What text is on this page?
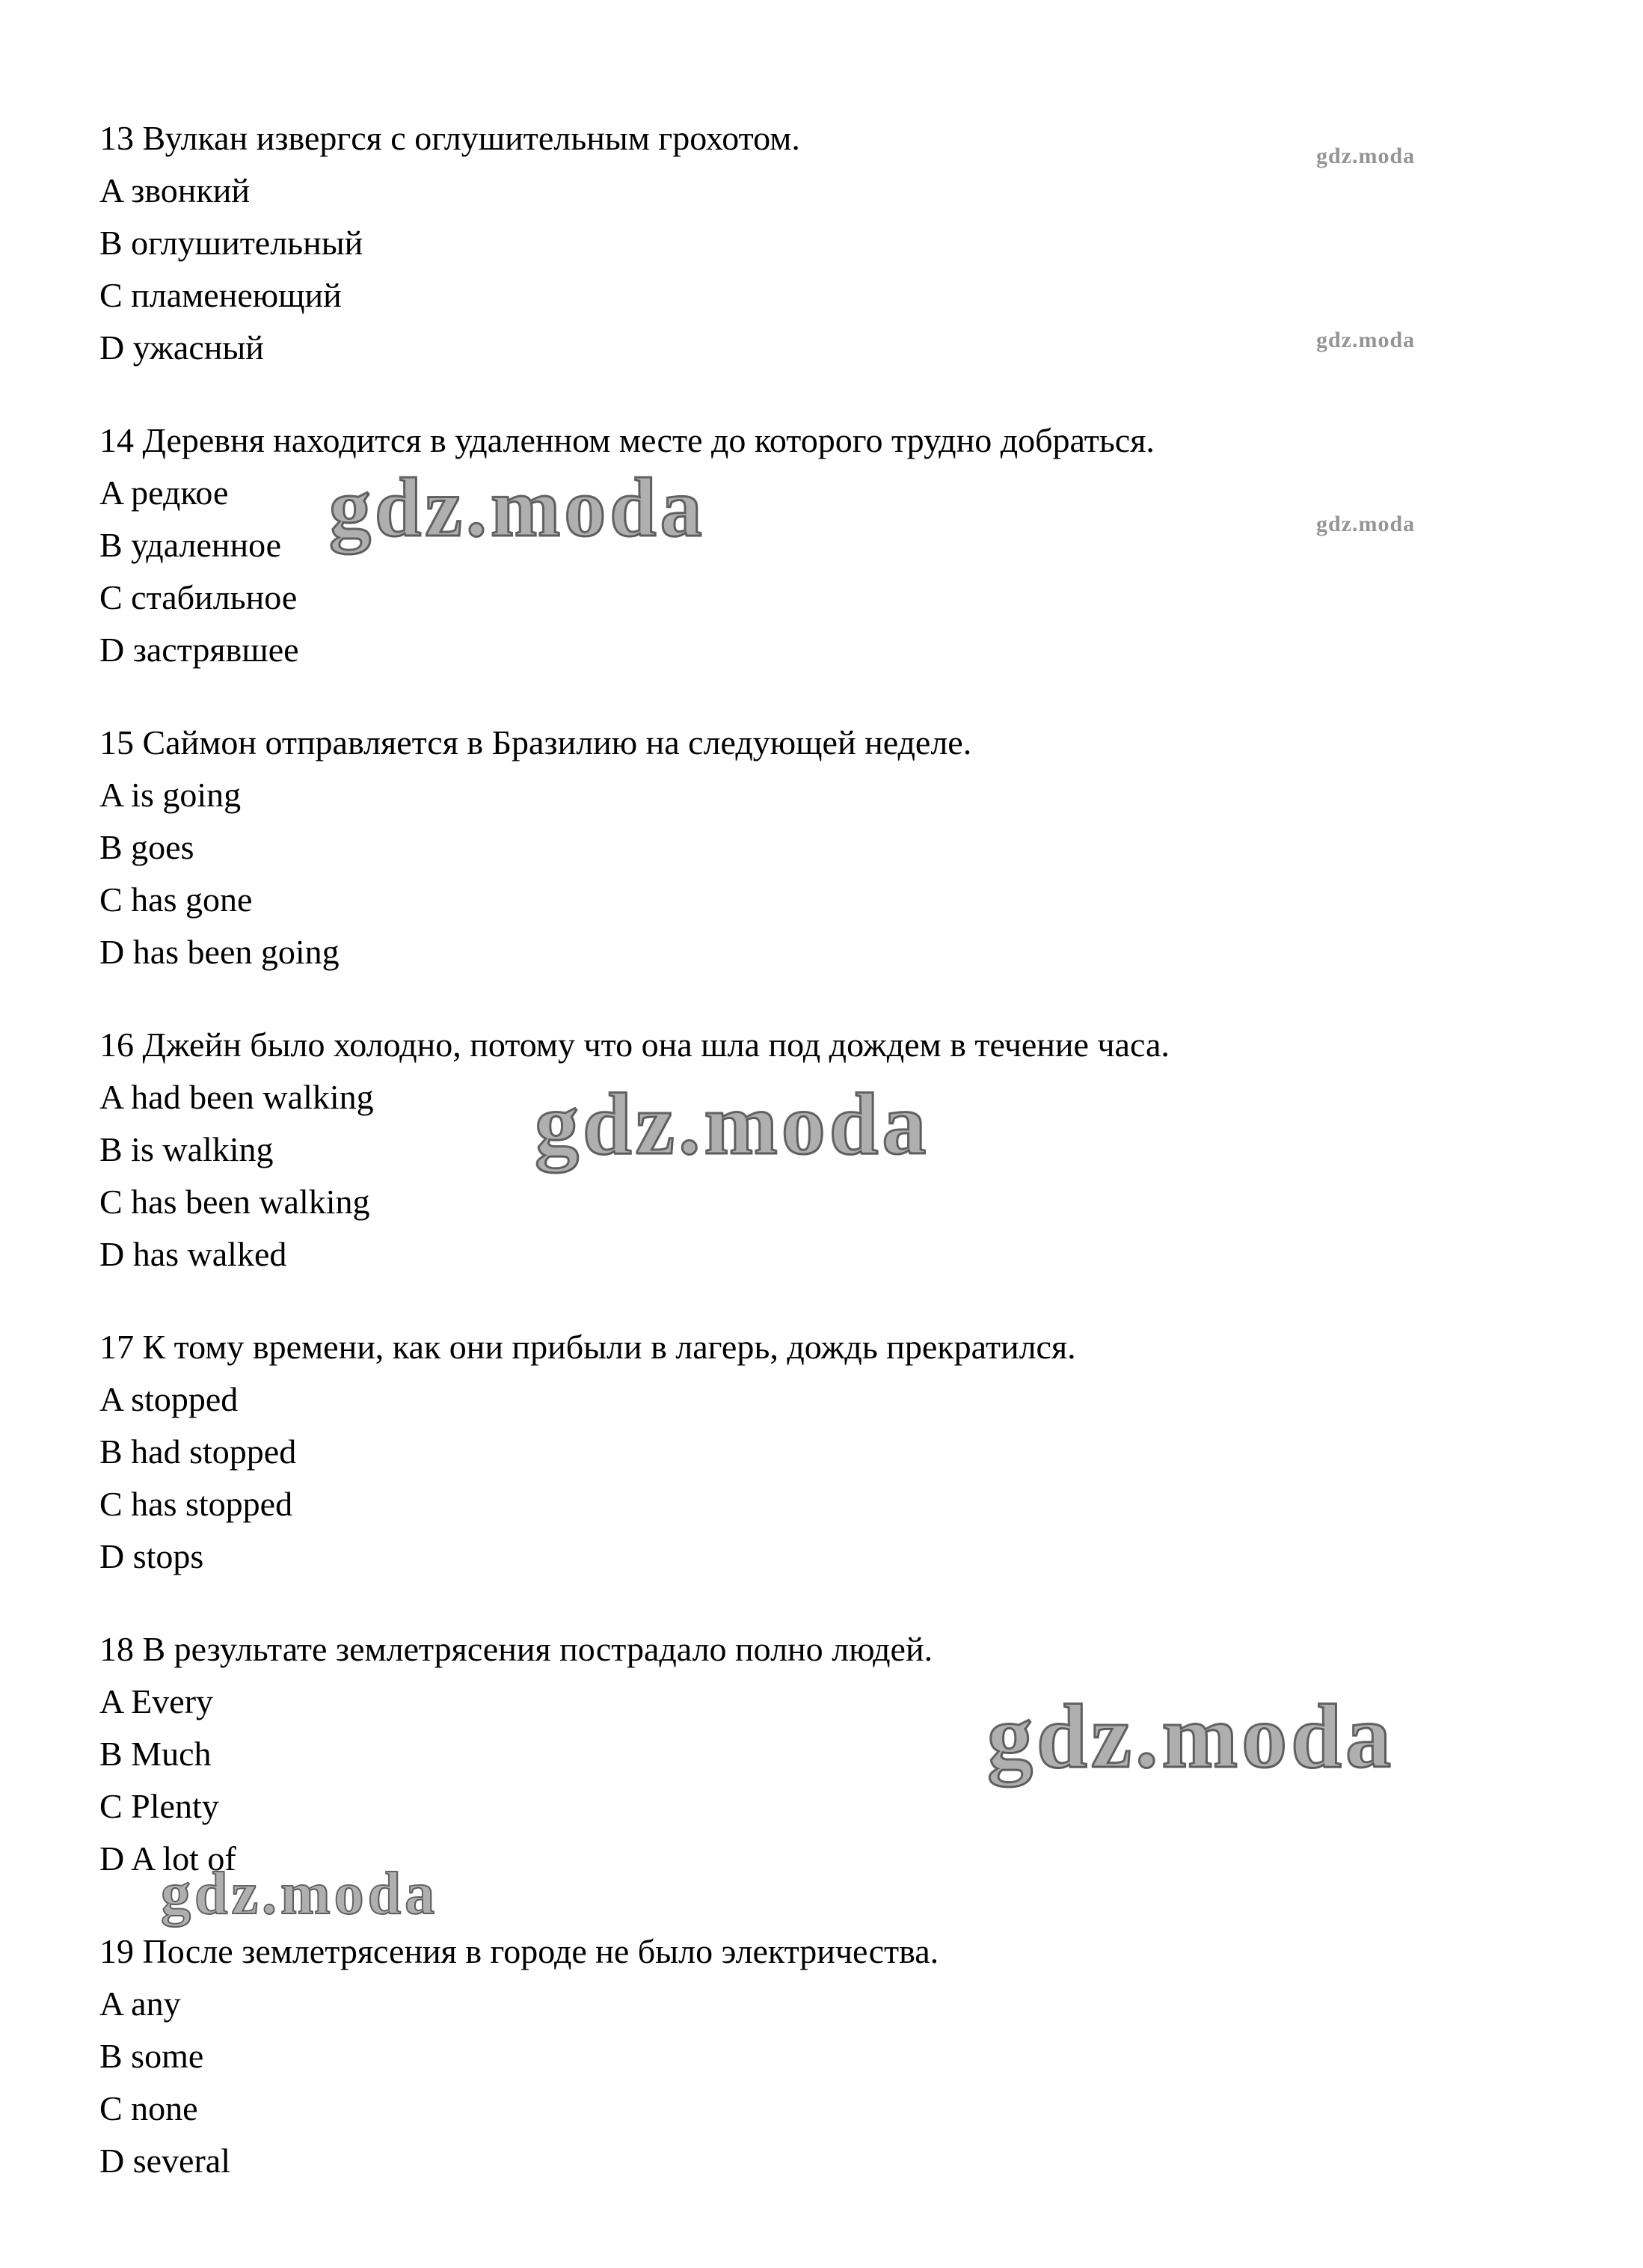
13 Вулкан извергся с оглушительным грохотом.
A звонкий
B оглушительный
C пламенеющий
D ужасный
14 Деревня находится в удаленном месте до которого трудно добраться.
A редкое
B удаленное
C стабильное
D застрявшее
15 Саймон отправляется в Бразилию на следующей неделе.
A is going
B goes
C has gone
D has been going
16 Джейн было холодно, потому что она шла под дождем в течение часа.
A had been walking
B is walking
C has been walking
D has walked
17 К тому времени, как они прибыли в лагерь, дождь прекратился.
A stopped
B had stopped
C has stopped
D stops
18 В результате землетрясения пострадало полно людей.
A Every
B Much
C Plenty
D A lot of
19 После землетрясения в городе не было электричества.
A any
B some
C none
D several
gdz.moda
gdz.moda
gdz.moda
gdz.moda
gdz.moda
gdz.moda
gdz.moda
